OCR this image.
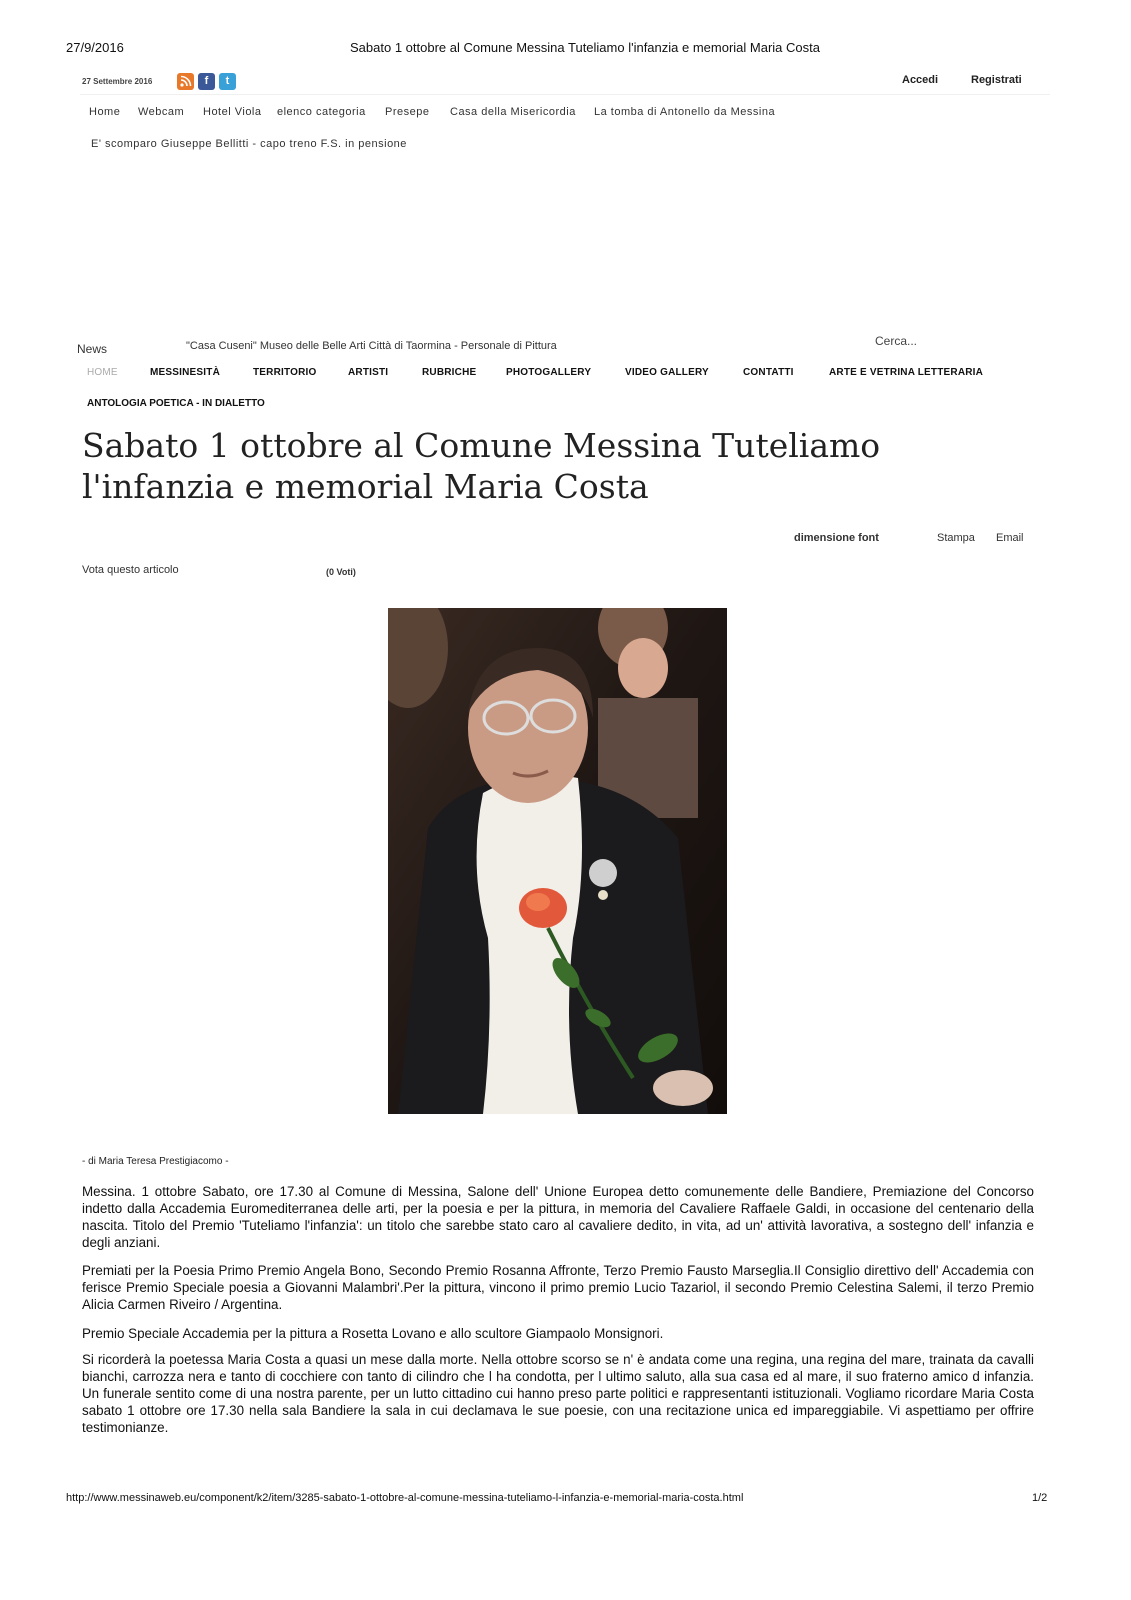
27/9/2016	Sabato 1 ottobre al Comune Messina Tuteliamo l'infanzia e memorial Maria Costa
27 Settembre 2016	f	t	Accedi	Registrati
Home Webcam Hotel Viola elenco categoria Presepe Casa della Misericordia La tomba di Antonello da Messina
E' scomparo Giuseppe Bellitti - capo treno F.S. in pensione
News	"Casa Cuseni" Museo delle Belle Arti Città di Taormina - Personale di Pittura	Cerca...
HOME	MESSINESITÀ	TERRITORIO	ARTISTI	RUBRICHE	PHOTOGALLERY	VIDEO GALLERY	CONTATTI	ARTE E VETRINA LETTERARIA
ANTOLOGIA POETICA - IN DIALETTO
Sabato 1 ottobre al Comune Messina Tuteliamo l'infanzia e memorial Maria Costa
dimensione font	Stampa Email
Vota questo articolo	(0 Voti)
- di Maria Teresa Prestigiacomo -

Messina. 1 ottobre Sabato, ore 17.30 al Comune di Messina, Salone dell' Unione Europea detto comunemente delle Bandiere, Premiazione del Concorso indetto dalla Accademia Euromediterranea delle arti, per la poesia e per la pittura, in memoria del Cavaliere Raffaele Galdi, in occasione del centenario della nascita. Titolo del Premio 'Tuteliamo l'infanzia': un titolo che sarebbe stato caro al cavaliere dedito, in vita, ad un' attività lavorativa, a sostegno dell' infanzia e degli anziani.

Premiati per la Poesia Primo Premio Angela Bono, Secondo Premio Rosanna Affronte, Terzo Premio Fausto Marseglia.Il Consiglio direttivo dell' Accademia con ferisce Premio Speciale poesia a Giovanni Malambri'.Per la pittura, vincono il primo premio Lucio Tazariol, il secondo Premio Celestina Salemi, il terzo Premio Alicia Carmen Riveiro / Argentina.

Premio Speciale Accademia per la pittura a Rosetta Lovano e allo scultore Giampaolo Monsignori.

Si ricorderà la poetessa Maria Costa a quasi un mese dalla morte. Nella ottobre scorso se n' è andata come una regina, una regina del mare, trainata da cavalli bianchi, carrozza nera e tanto di cocchiere con tanto di cilindro che l ha condotta, per l ultimo saluto, alla sua casa ed al mare, il suo fraterno amico d infanzia. Un funerale sentito come di una nostra parente, per un lutto cittadino cui hanno preso parte politici e rappresentanti istituzionali. Vogliamo ricordare Maria Costa sabato 1 ottobre ore 17.30 nella sala Bandiere la sala in cui declamava le sue poesie, con una recitazione unica ed impareggiabile. Vi aspettiamo per offrire testimonianze.

http://www.messinaweb.eu/component/k2/item/3285-sabato-1-ottobre-al-comune-messina-tuteliamo-l-infanzia-e-memorial-maria-costa.html	1/2
